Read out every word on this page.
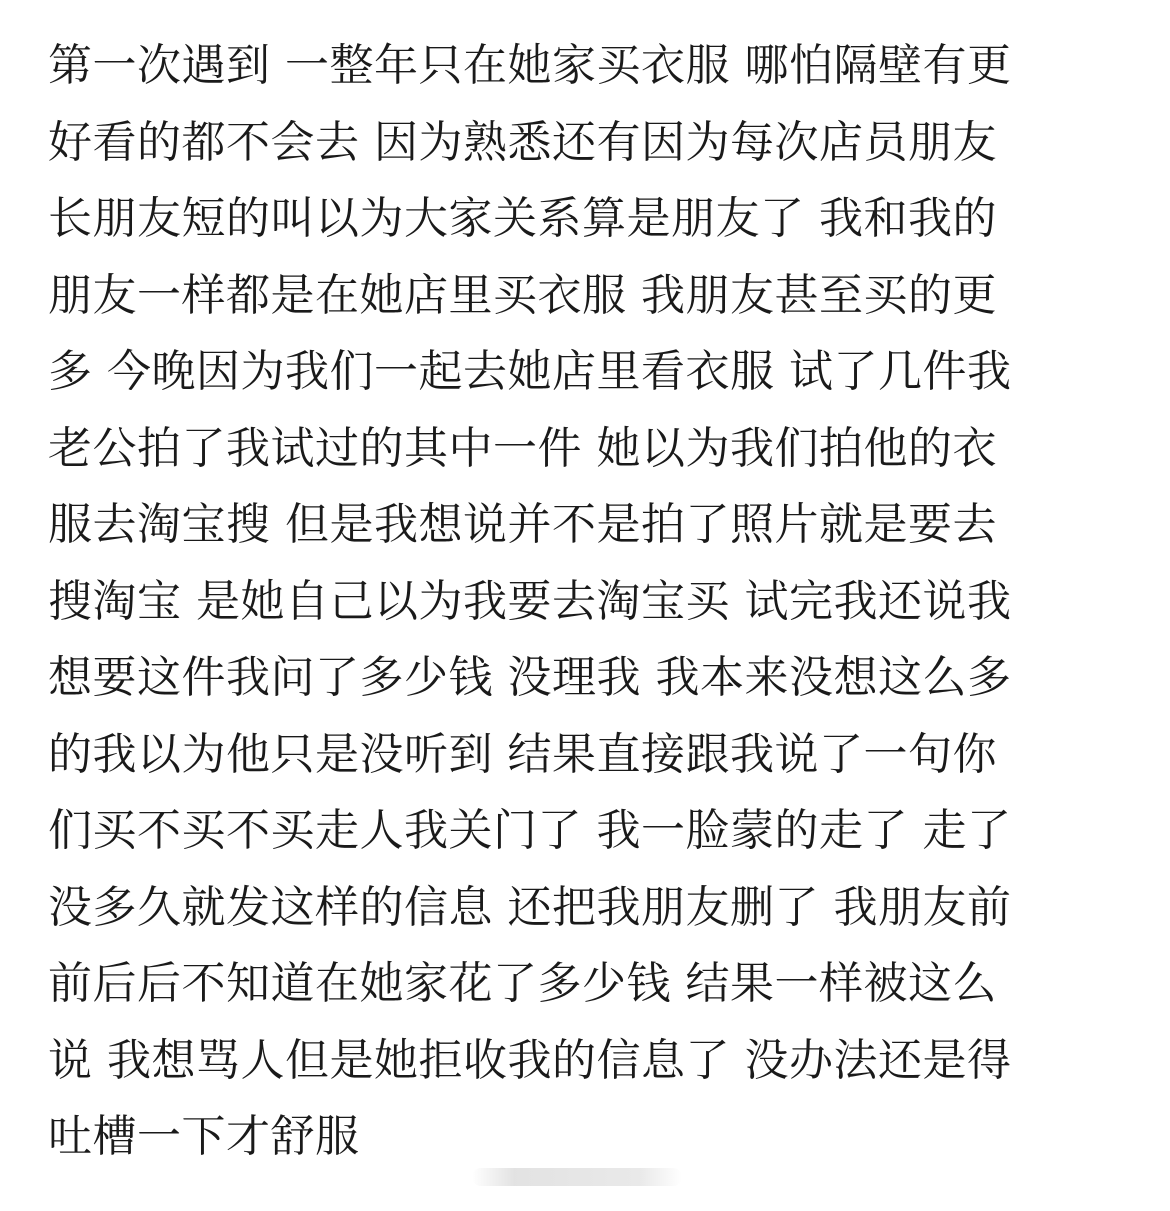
第一次遇到 一整年只在她家买衣服 哪怕隔壁有更
好看的都不会去 因为熟悉还有因为每次店员朋友
长朋友短的叫以为大家关系算是朋友了 我和我的
朋友一样都是在她店里买衣服 我朋友甚至买的更
多 今晚因为我们一起去她店里看衣服 试了几件我
老公拍了我试过的其中一件 她以为我们拍他的衣
服去淘宝搜 但是我想说并不是拍了照片就是要去
搜淘宝 是她自己以为我要去淘宝买 试完我还说我
想要这件我问了多少钱 没理我 我本来没想这么多
的我以为他只是没听到 结果直接跟我说了一句你
们买不买不买走人我关门了 我一脸蒙的走了 走了
没多久就发这样的信息 还把我朋友删了 我朋友前
前后后不知道在她家花了多少钱 结果一样被这么
说 我想骂人但是她拒收我的信息了 没办法还是得
吐槽一下才舒服
